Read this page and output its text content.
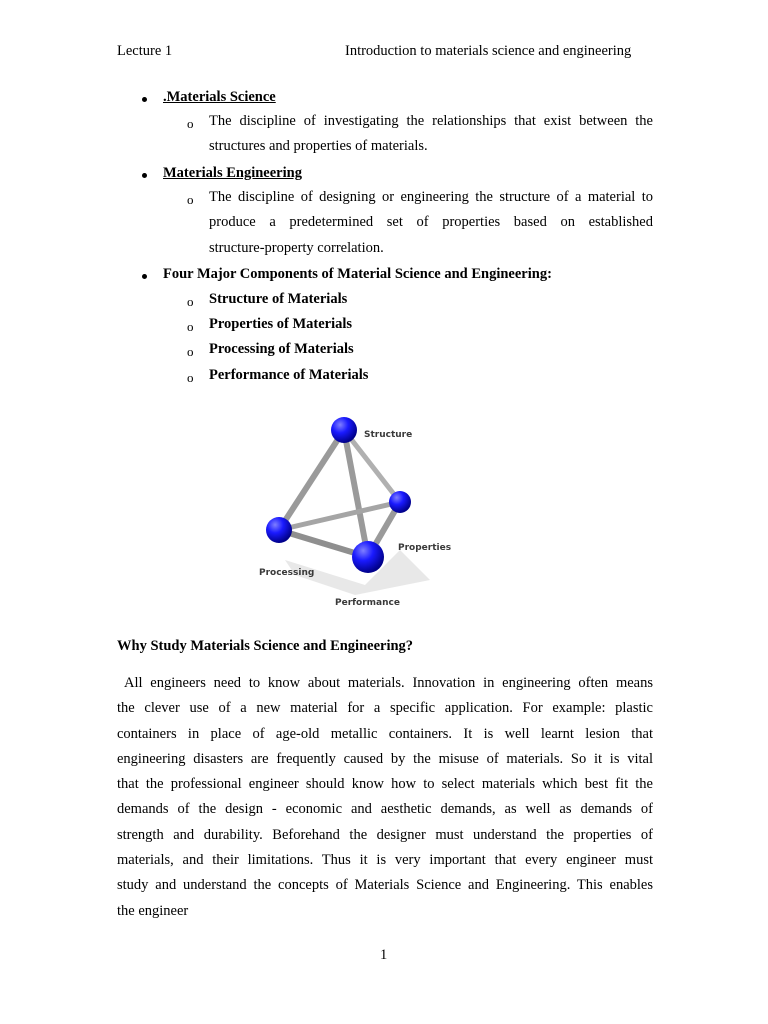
Lecture 1	Introduction to materials science and engineering
.Materials Science
o The discipline of investigating the relationships that exist between the
structures and properties of materials.
Materials Engineering
o The discipline of designing or engineering the structure of a material to
produce a predetermined set of properties based on established
structure-property correlation.
Four Major Components of Material Science and Engineering:
o Structure of Materials
o Properties of Materials
o Processing of Materials
o Performance of Materials
Structure
Properties
Processing
Performance
Why Study Materials Science and Engineering?
All engineers need to know about materials. Innovation in engineering often means
the clever use of a new material for a specific application. For example: plastic
containers in place of age-old metallic containers. It is well learnt lesion that
engineering disasters are frequently caused by the misuse of materials. So it is vital
that the professional engineer should know how to select materials which best fit the
demands of the design - economic and aesthetic demands, as well as demands of
strength and durability. Beforehand the designer must understand the properties of
materials, and their limitations. Thus it is very important that every engineer must
study and understand the concepts of Materials Science and Engineering. This enables
the engineer
1
